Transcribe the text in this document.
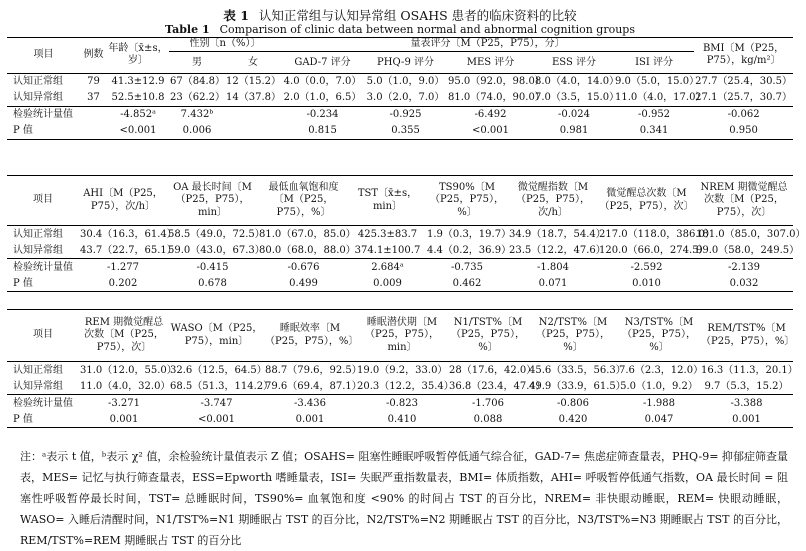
表 1 认知正常组与认知异常组 OSAHS 患者的临床资料的比较
Table 1 Comparison of clinic data between normal and abnormal cognition groups
项目	例数	年龄〔x̄±s，岁〕	性别〔n（%）〕		量表评分〔M（P25，P75），分〕					BMI〔M（P25，P75），kg/m²〕
			男	女	GAD-7 评分	PHQ-9 评分	MES 评分	ESS 评分	ISI 评分	
认知正常组	79	41.3±12.9	67（84.8）	12（15.2）	4.0（0.0，7.0）	5.0（1.0，9.0）	95.0（92.0，98.0）	8.0（4.0，14.0）	9.0（5.0，15.0）	27.7（25.4，30.5）
认知异常组	37	52.5±10.8	23（62.2）	14（37.8）	2.0（1.0，6.5）	3.0（2.0，7.0）	81.0（74.0，90.0）	7.0（3.5，15.0）	11.0（4.0，17.0）	27.1（25.7，30.7）
检验统计量值		-4.852ᵃ	7.432ᵇ		-0.234	-0.925	-6.492	-0.024	-0.952	-0.062
P 值		<0.001	0.006		0.815	0.355	<0.001	0.981	0.341	0.950
项目	AHI〔M（P25，P75），次/h〕	OA 最长时间〔M（P25，P75），min〕	最低血氧饱和度〔M（P25，P75），%〕	TST〔x̄±s，min〕	TS90%〔M（P25，P75），%〕	微觉醒指数〔M（P25，P75），次/h〕	微觉醒总次数〔M（P25，P75），次〕	NREM 期微觉醒总次数〔M（P25，P75），次〕
认知正常组	30.4（16.3，61.4）	58.5（49.0，72.5）	81.0（67.0，85.0）	425.3±83.7	1.9（0.3，19.7）	34.9（18.7，54.4）	217.0（118.0，386.0）	181.0（85.0，307.0）
认知异常组	43.7（22.7，65.1）	59.0（43.0，67.3）	80.0（68.0，88.0）	374.1±100.7	4.4（0.2，36.9）	23.5（12.2，47.6）	120.0（66.0，274.5）	99.0（58.0，249.5）
检验统计量值	-1.277	-0.415	-0.676	2.684ᵃ	-0.735	-1.804	-2.592	-2.139
P 值	0.202	0.678	0.499	0.009	0.462	0.071	0.010	0.032
项目	REM 期微觉醒总次数〔M（P25，P75），次〕	WASO〔M（P25，P75），min〕	睡眠效率〔M（P25，P75），%〕	睡眠潜伏期〔M（P25，P75），min〕	N1/TST%〔M（P25，P75），%〕	N2/TST%〔M（P25，P75），%〕	N3/TST%〔M（P25，P75），%〕	REM/TST%〔M（P25，P75），%〕
认知正常组	31.0（12.0，55.0）	32.6（12.5，64.5）	88.7（79.6，92.5）	19.0（9.2，33.0）	28（17.6，42.0）	45.6（33.5，56.3）	7.6（2.3，12.0）	16.3（11.3，20.1）
认知异常组	11.0（4.0，32.0）	68.5（51.3，114.2）	79.6（69.4，87.1）	20.3（12.2，35.4）	36.8（23.4，47.4）	49.9（33.9，61.5）	5.0（1.0，9.2）	9.7（5.3，15.2）
检验统计量值	-3.271	-3.747	-3.436	-0.823	-1.706	-0.806	-1.988	-3.388
P 值	0.001	<0.001	0.001	0.410	0.088	0.420	0.047	0.001
注：ᵃ表示 t 值，ᵇ表示 χ² 值，余检验统计量值表示 Z 值；OSAHS= 阻塞性睡眠呼吸暂停低通气综合征，GAD-7= 焦虑症筛查量表，PHQ-9= 抑郁症筛查量表，MES= 记忆与执行筛查量表，ESS=Epworth 嗜睡量表，ISI= 失眠严重指数量表，BMI= 体质指数，AHI= 呼吸暂停低通气指数，OA 最长时间 = 阻塞性呼吸暂停最长时间，TST= 总睡眠时间，TS90%= 血氧饱和度 <90% 的时间占 TST 的百分比，NREM= 非快眼动睡眠，REM= 快眼动睡眠，WASO= 入睡后清醒时间，N1/TST%=N1 期睡眠占 TST 的百分比，N2/TST%=N2 期睡眠占 TST 的百分比，N3/TST%=N3 期睡眠占 TST 的百分比，REM/TST%=REM 期睡眠占 TST 的百分比
